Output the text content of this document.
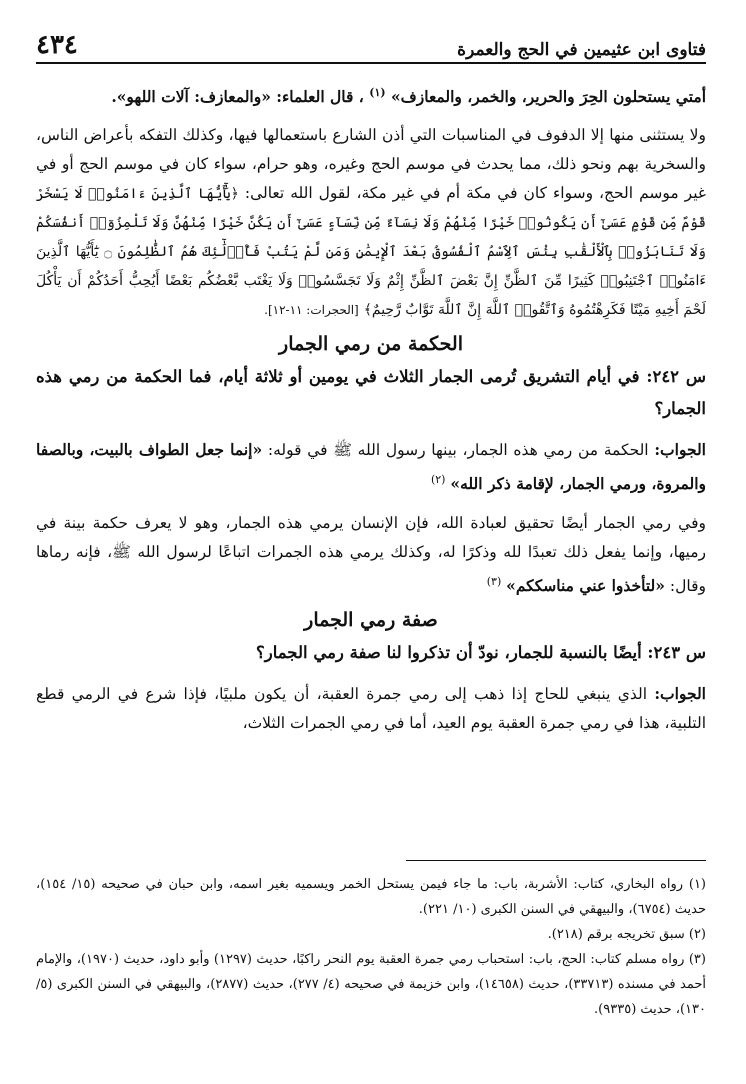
فتاوى ابن عثيمين في الحج والعمرة
٤٣٤

أمتي يستحلون الحِرَ والحرير، والخمر، والمعازف» $^{(١)}$ ، قال العلماء: «والمعازف: آلات اللهو».

ولا يستثنى منها إلا الدفوف في المناسبات التي أذن الشارع باستعمالها فيها، وكذلك التفكه بأعراض الناس، والسخرية بهم ونحو ذلك، مما يحدث في موسم الحج وغيره، وهو حرام، سواء كان في موسم الحج أو في غير موسم الحج، وسواء كان في مكة أم في غير مكة، لقول الله تعالى: ﴿يَٰٓأَيُّهَا ٱلَّذِينَ ءَامَنُوا۟ لَا يَسْخَرْ قَوْمٌ مِّن قَوْمٍ عَسَىٰٓ أَن يَكُونُوا۟ خَيْرًا مِّنْهُمْ وَلَا نِسَآءٌ مِّن نِّسَآءٍ عَسَىٰٓ أَن يَكُنَّ خَيْرًا مِّنْهُنَّ وَلَا تَلْمِزُوٓا۟ أَنفُسَكُمْ وَلَا تَنَابَزُوا۟ بِٱلْأَلْقَٰبِ بِئْسَ ٱلِٱسْمُ ٱلْفُسُوقُ بَعْدَ ٱلْإِيمَٰنِ وَمَن لَّمْ يَتُبْ فَأُو۟لَٰٓئِكَ هُمُ ٱلظَّٰلِمُونَ ۝ يَٰٓأَيُّهَا ٱلَّذِينَ ءَامَنُوا۟ ٱجْتَنِبُوا۟ كَثِيرًا مِّنَ ٱلظَّنِّ إِنَّ بَعْضَ ٱلظَّنِّ إِثْمٌ وَلَا تَجَسَّسُوا۟ وَلَا يَغْتَب بَّعْضُكُم بَعْضًا أَيُحِبُّ أَحَدُكُمْ أَن يَأْكُلَ لَحْمَ أَخِيهِ مَيْتًا فَكَرِهْتُمُوهُ وَٱتَّقُوا۟ ٱللَّهَ إِنَّ ٱللَّهَ تَوَّابٌ رَّحِيمٌ﴾ [الحجرات: ١١-١٢].

الحكمة من رمي الجمار

س ٢٤٢: في أيام التشريق تُرمى الجمار الثلاث في يومين أو ثلاثة أيام، فما الحكمة من رمي هذه الجمار؟

الجواب: الحكمة من رمي هذه الجمار، بينها رسول الله ﷺ في قوله: «إنما جعل الطواف بالبيت، وبالصفا والمروة، ورمي الجمار، لإقامة ذكر الله» $^{(٢)}$

وفي رمي الجمار أيضًا تحقيق لعبادة الله، فإن الإنسان يرمي هذه الجمار، وهو لا يعرف حكمة بينة في رميها، وإنما يفعل ذلك تعبدًا لله وذكرًا له، وكذلك يرمي هذه الجمرات اتباعًا لرسول الله ﷺ، فإنه رماها وقال: «لتأخذوا عني مناسككم» $^{(٣)}$

صفة رمي الجمار

س ٢٤٣: أيضًا بالنسبة للجمار، نودّ أن تذكروا لنا صفة رمي الجمار؟

الجواب: الذي ينبغي للحاج إذا ذهب إلى رمي جمرة العقبة، أن يكون ملبيًا، فإذا شرع في الرمي قطع التلبية، هذا في رمي جمرة العقبة يوم العيد، أما في رمي الجمرات الثلاث،

(١) رواه البخاري، كتاب: الأشربة، باب: ما جاء فيمن يستحل الخمر ويسميه بغير اسمه، وابن حبان في صحيحه (١٥/ ١٥٤)، حديث (٦٧٥٤)، والبيهقي في السنن الكبرى (١٠/ ٢٢١).

(٢) سبق تخريجه برقم (٢١٨).

(٣) رواه مسلم كتاب: الحج، باب: استحباب رمي جمرة العقبة يوم النحر راكبًا، حديث (١٢٩٧) وأبو داود، حديث (١٩٧٠)، والإمام أحمد في مسنده (٣٣٧١٣)، حديث (١٤٦٥٨)، وابن خزيمة في صحيحه (٤/ ٢٧٧)، حديث (٢٨٧٧)، والبيهقي في السنن الكبرى (٥/ ١٣٠)، حديث (٩٣٣٥).
